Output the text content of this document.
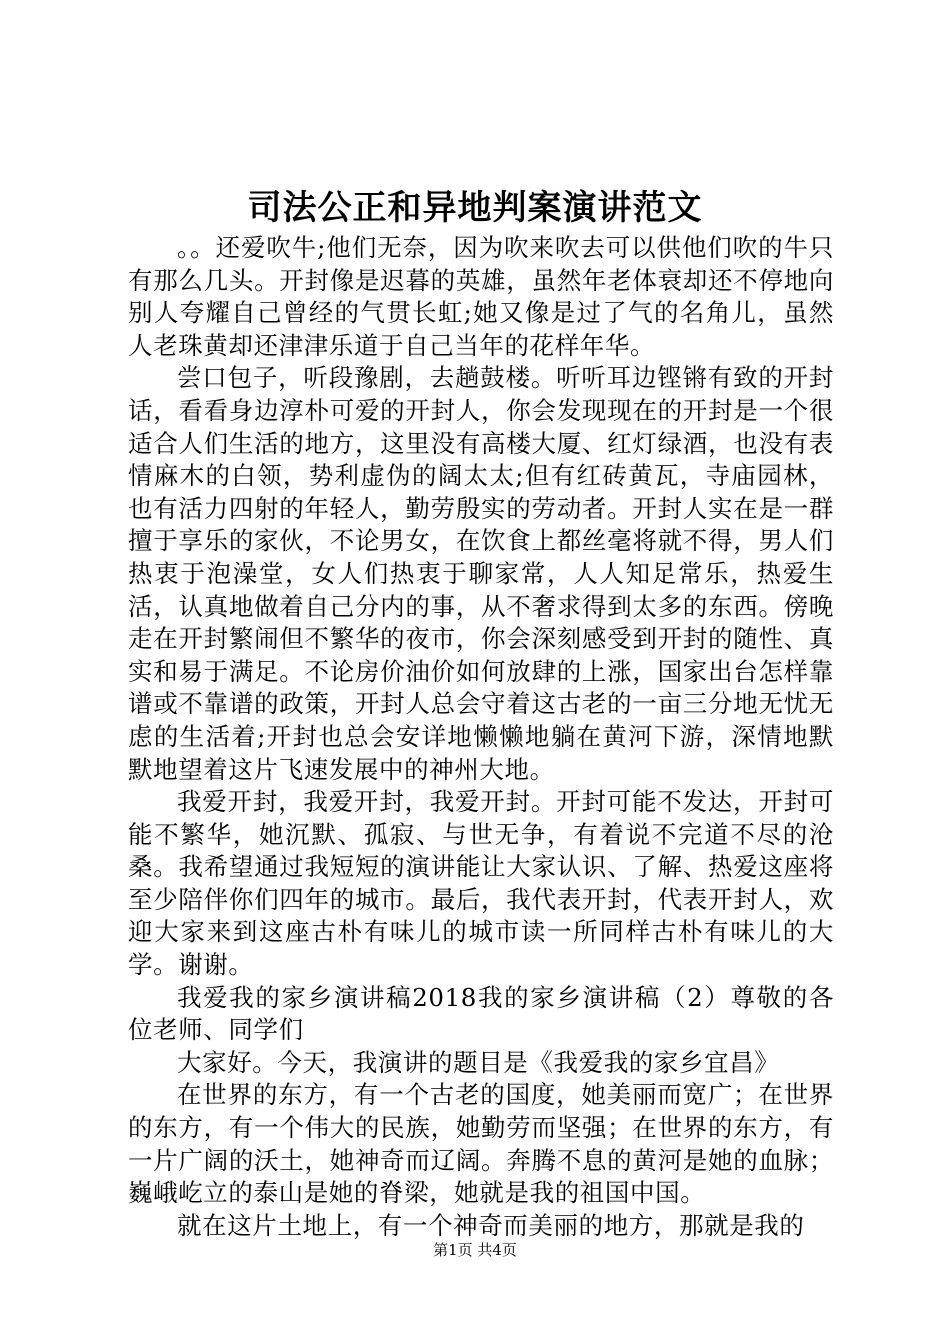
司法公正和异地判案演讲范文

。。还爱吹牛;他们无奈，因为吹来吹去可以供他们吹的牛只有那么几头。开封像是迟暮的英雄，虽然年老体衰却还不停地向别人夸耀自己曾经的气贯长虹;她又像是过了气的名角儿，虽然人老珠黄却还津津乐道于自己当年的花样年华。

尝口包子，听段豫剧，去趟鼓楼。听听耳边铿锵有致的开封话，看看身边淳朴可爱的开封人，你会发现现在的开封是一个很适合人们生活的地方，这里没有高楼大厦、红灯绿酒，也没有表情麻木的白领，势利虚伪的阔太太;但有红砖黄瓦，寺庙园林，也有活力四射的年轻人，勤劳殷实的劳动者。开封人实在是一群擅于享乐的家伙，不论男女，在饮食上都丝毫将就不得，男人们热衷于泡澡堂，女人们热衷于聊家常，人人知足常乐，热爱生活，认真地做着自己分内的事，从不奢求得到太多的东西。傍晚走在开封繁闹但不繁华的夜市，你会深刻感受到开封的随性、真实和易于满足。不论房价油价如何放肆的上涨，国家出台怎样靠谱或不靠谱的政策，开封人总会守着这古老的一亩三分地无忧无虑的生活着;开封也总会安详地懒懒地躺在黄河下游，深情地默默地望着这片飞速发展中的神州大地。

我爱开封，我爱开封，我爱开封。开封可能不发达，开封可能不繁华，她沉默、孤寂、与世无争，有着说不完道不尽的沧桑。我希望通过我短短的演讲能让大家认识、了解、热爱这座将至少陪伴你们四年的城市。最后，我代表开封，代表开封人，欢迎大家来到这座古朴有味儿的城市读一所同样古朴有味儿的大学。谢谢。

我爱我的家乡演讲稿2018我的家乡演讲稿（2）尊敬的各位老师、同学们

大家好。今天，我演讲的题目是《我爱我的家乡宜昌》

在世界的东方，有一个古老的国度，她美丽而宽广；在世界的东方，有一个伟大的民族，她勤劳而坚强；在世界的东方，有一片广阔的沃土，她神奇而辽阔。奔腾不息的黄河是她的血脉；巍峨屹立的泰山是她的脊梁，她就是我的祖国中国。

就在这片土地上，有一个神奇而美丽的地方，那就是我的

第1页 共4页
